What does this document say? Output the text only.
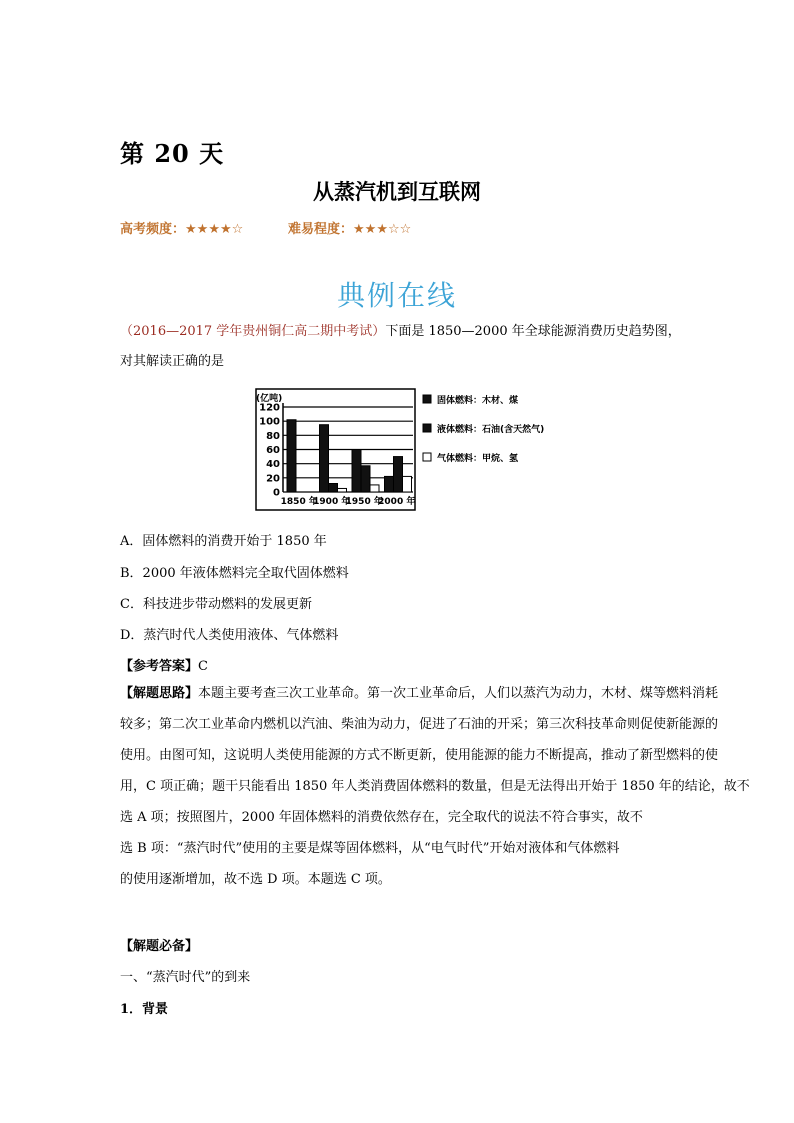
第 20 天
从蒸汽机到互联网
高考频度：★★★★☆	难易程度：★★★☆☆
典例在线
（2016—2017 学年贵州铜仁高二期中考试）下面是 1850—2000 年全球能源消费历史趋势图，
对其解读正确的是
(亿吨)
120
100
80
60
40
20
0
1850 年
1900 年
1950 年
2000 年
固体燃料：木材、煤
液体燃料：石油(含天然气)
气体燃料：甲烷、氢
A．固体燃料的消费开始于 1850 年
B．2000 年液体燃料完全取代固体燃料
C．科技进步带动燃料的发展更新
D．蒸汽时代人类使用液体、气体燃料
【参考答案】C
【解题思路】本题主要考查三次工业革命。第一次工业革命后，人们以蒸汽为动力，木材、煤等燃料消耗
较多；第二次工业革命内燃机以汽油、柴油为动力，促进了石油的开采；第三次科技革命则促使新能源的
使用。由图可知，这说明人类使用能源的方式不断更新，使用能源的能力不断提高，推动了新型燃料的使
用，C 项正确；题干只能看出 1850 年人类消费固体燃料的数量，但是无法得出开始于 1850 年的结论，故不
选 A 项；按照图片，2000 年固体燃料的消费依然存在，完全取代的说法不符合事实，故不
选 B 项：“蒸汽时代”使用的主要是煤等固体燃料，从“电气时代”开始对液体和气体燃料
的使用逐渐增加，故不选 D 项。本题选 C 项。
【解题必备】
一、“蒸汽时代”的到来
1．背景
